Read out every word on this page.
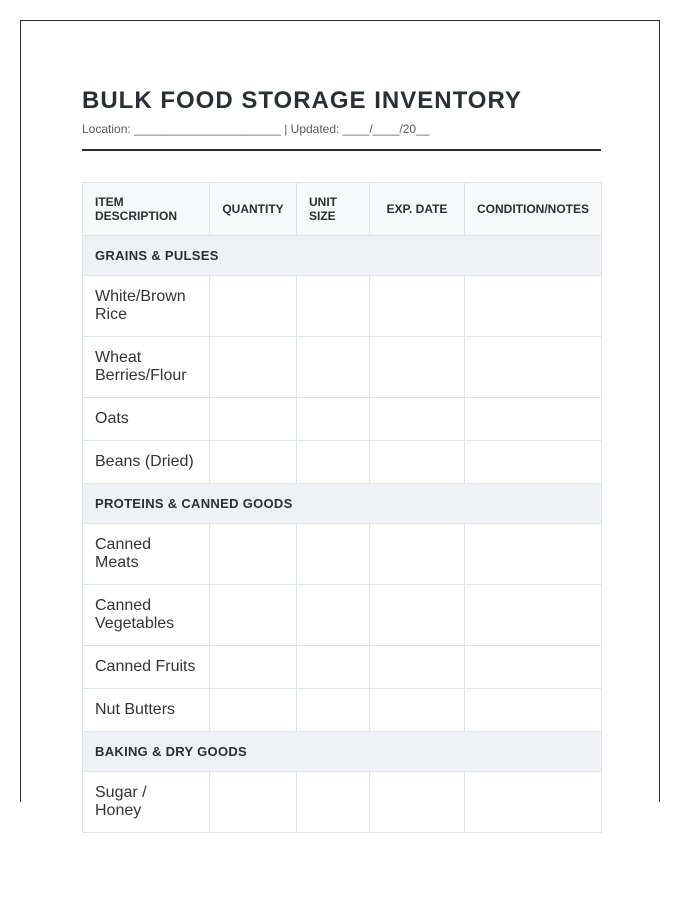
BULK FOOD STORAGE INVENTORY
Location: ______________________ | Updated: ____/____/20__
ITEM DESCRIPTION	QUANTITY	UNIT SIZE	EXP. DATE	CONDITION/NOTES
GRAINS & PULSES				
White/Brown Rice				
Wheat Berries/Flour				
Oats				
Beans (Dried)				
PROTEINS & CANNED GOODS				
Canned Meats				
Canned Vegetables				
Canned Fruits				
Nut Butters				
BAKING & DRY GOODS				
Sugar / Honey				
